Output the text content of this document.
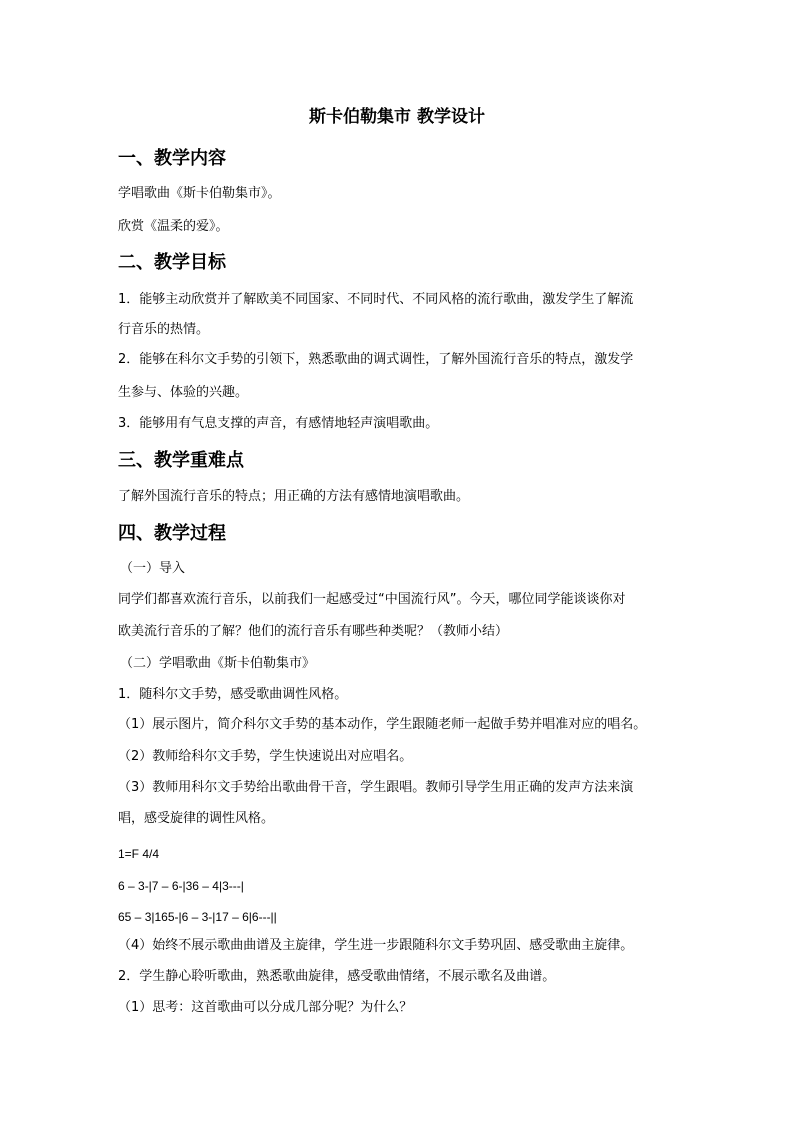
斯卡伯勒集市 教学设计
一、教学内容
学唱歌曲《斯卡伯勒集市》。
欣赏《温柔的爱》。
二、教学目标
1．能够主动欣赏并了解欧美不同国家、不同时代、不同风格的流行歌曲，激发学生了解流
行音乐的热情。
2．能够在科尔文手势的引领下，熟悉歌曲的调式调性，了解外国流行音乐的特点，激发学
生参与、体验的兴趣。
3．能够用有气息支撑的声音，有感情地轻声演唱歌曲。
三、教学重难点
了解外国流行音乐的特点；用正确的方法有感情地演唱歌曲。
四、教学过程
（一）导入
同学们都喜欢流行音乐，以前我们一起感受过“中国流行风”。今天，哪位同学能谈谈你对
欧美流行音乐的了解？他们的流行音乐有哪些种类呢？（教师小结）
（二）学唱歌曲《斯卡伯勒集市》
1．随科尔文手势，感受歌曲调性风格。
（1）展示图片，简介科尔文手势的基本动作，学生跟随老师一起做手势并唱准对应的唱名。
（2）教师给科尔文手势，学生快速说出对应唱名。
（3）教师用科尔文手势给出歌曲骨干音，学生跟唱。教师引导学生用正确的发声方法来演
唱，感受旋律的调性风格。
1=F 4/4
6 – 3-|7 – 6-|36 – 4|3---|
65 – 3|165-|6 – 3-|17 – 6|6---||
（4）始终不展示歌曲曲谱及主旋律，学生进一步跟随科尔文手势巩固、感受歌曲主旋律。
2．学生静心聆听歌曲，熟悉歌曲旋律，感受歌曲情绪，不展示歌名及曲谱。
（1）思考：这首歌曲可以分成几部分呢？为什么？
